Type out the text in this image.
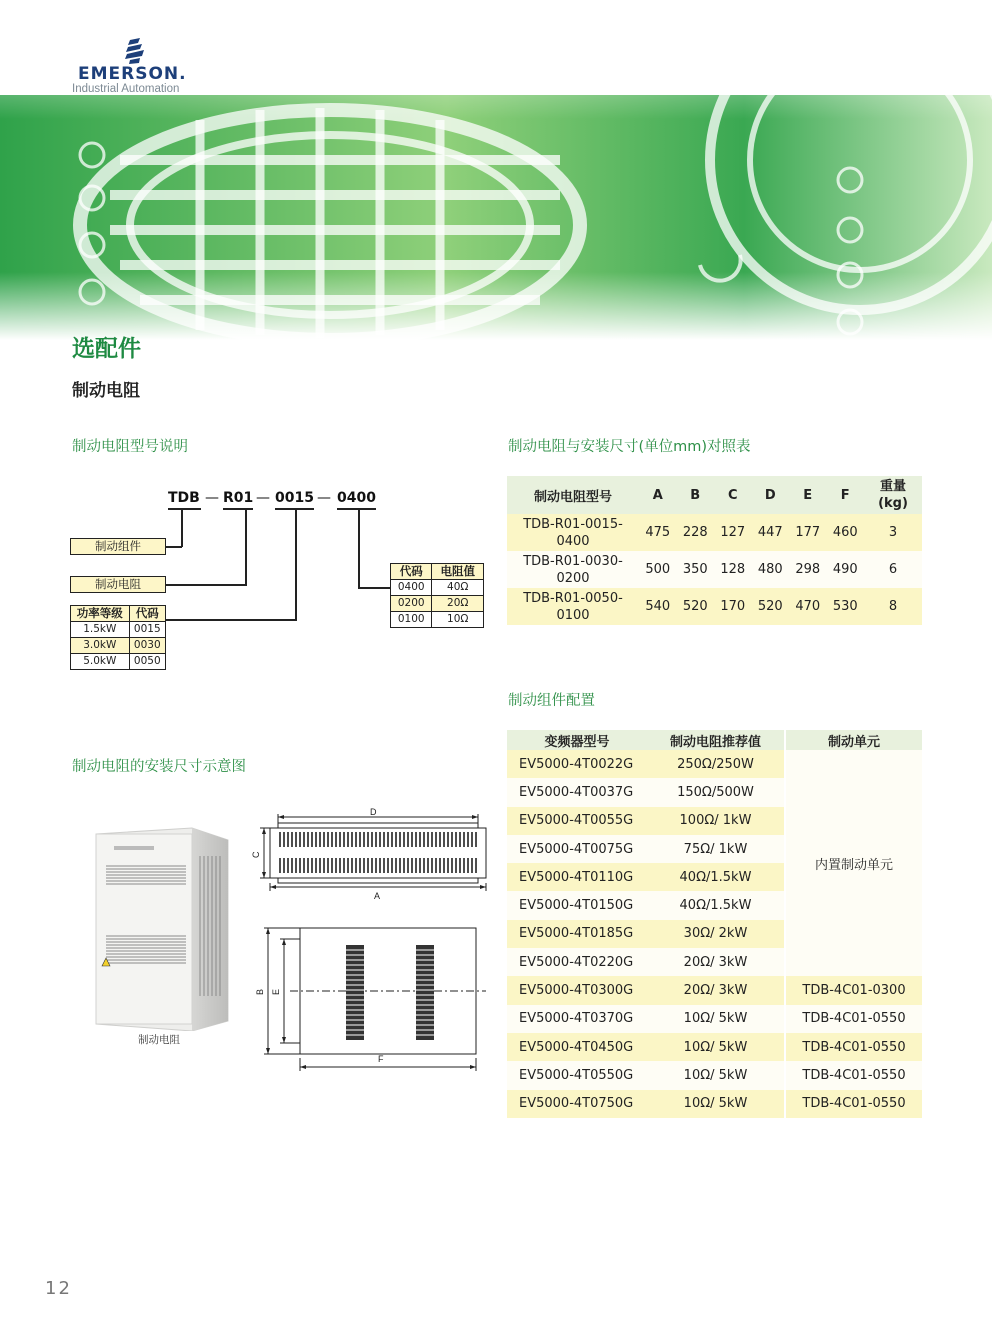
EMERSON.
Industrial Automation
选配件
制动电阻
制动电阻型号说明	制动电阻与安装尺寸(单位mm)对照表
制动组件配置
制动电阻的安装尺寸示意图
TDB — R01 — 0015 — 0400
制动组件
制动电阻
功率等级	代码
1.5kW	0015
3.0kW	0030
5.0kW	0050
代码	电阻值
0400	40Ω
0200	20Ω
0100	10Ω
制动电阻型号	A	B	C	D	E	F	重量 (kg)
TDB-R01-0015-0400	475	228	127	447	177	460	3
TDB-R01-0030-0200	500	350	128	480	298	490	6
TDB-R01-0050-0100	540	520	170	520	470	530	8
变频器型号	制动电阻推荐值	制动单元
EV5000-4T0022G	250Ω/250W	内置制动单元
EV5000-4T0037G	150Ω/500W	
EV5000-4T0055G	100Ω/ 1kW	
EV5000-4T0075G	75Ω/ 1kW	
EV5000-4T0110G	40Ω/1.5kW	
EV5000-4T0150G	40Ω/1.5kW	
EV5000-4T0185G	30Ω/ 2kW	
EV5000-4T0220G	20Ω/ 3kW	
EV5000-4T0300G	20Ω/ 3kW	TDB-4C01-0300
EV5000-4T0370G	10Ω/ 5kW	TDB-4C01-0550
EV5000-4T0450G	10Ω/ 5kW	TDB-4C01-0550
EV5000-4T0550G	10Ω/ 5kW	TDB-4C01-0550
EV5000-4T0750G	10Ω/ 5kW	TDB-4C01-0550
制动电阻
D
A
C
B E
F
12
